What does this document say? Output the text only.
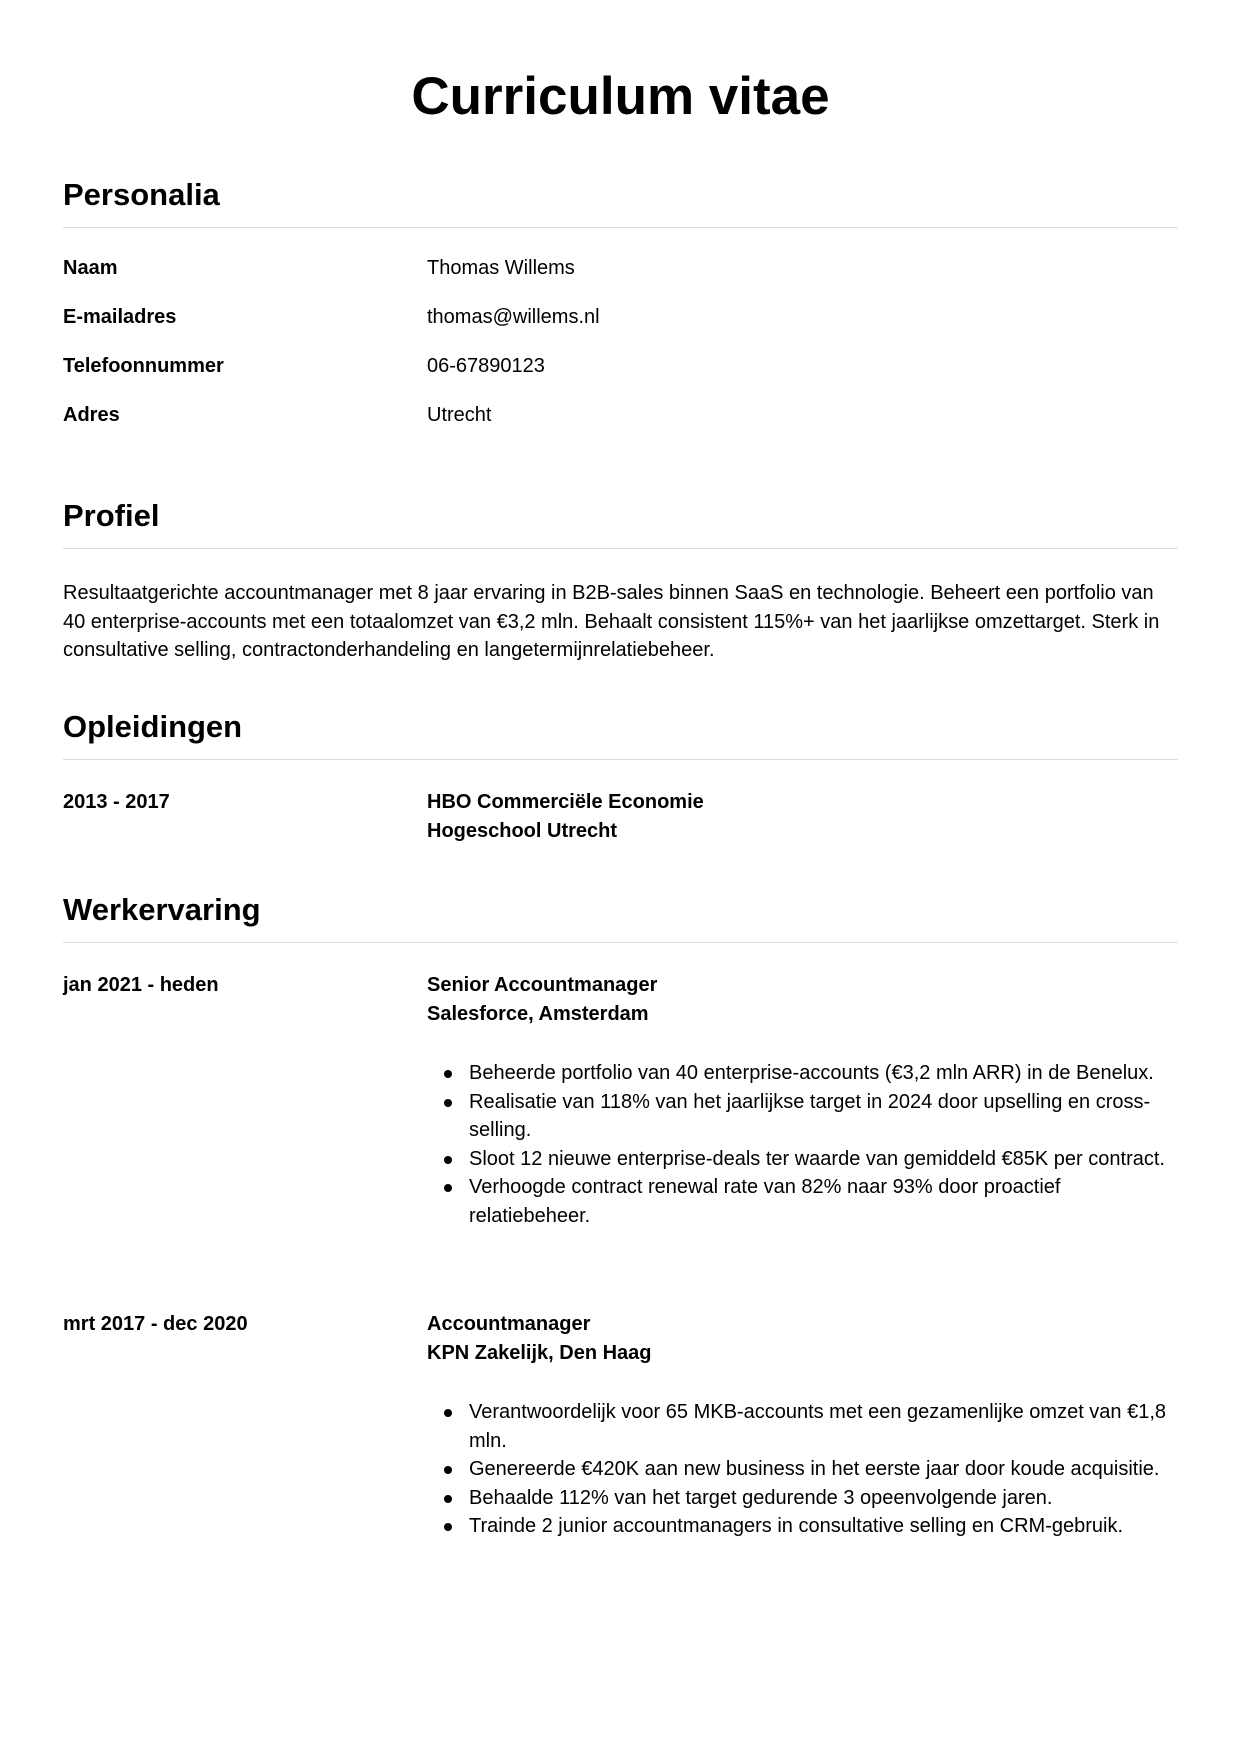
Curriculum vitae
Personalia
Naam	Thomas Willems
E-mailadres	thomas@willems.nl
Telefoonnummer	06-67890123
Adres	Utrecht
Profiel

Resultaatgerichte accountmanager met 8 jaar ervaring in B2B-sales binnen SaaS en technologie. Beheert een portfolio van 40 enterprise-accounts met een totaalomzet van €3,2 mln. Behaalt consistent 115%+ van het jaarlijkse omzettarget. Sterk in consultative selling, contractonderhandeling en langetermijnrelatiebeheer.

Opleidingen
2013 - 2017	HBO Commerciële Economie
Hogeschool Utrecht
Werkervaring
jan 2021 - heden	Senior Accountmanager
Salesforce, Amsterdam
Beheerde portfolio van 40 enterprise-accounts (€3,2 mln ARR) in de Benelux.
Realisatie van 118% van het jaarlijkse target in 2024 door upselling en cross-selling.
Sloot 12 nieuwe enterprise-deals ter waarde van gemiddeld €85K per contract.
Verhoogde contract renewal rate van 82% naar 93% door proactief relatiebeheer.
mrt 2017 - dec 2020	Accountmanager
KPN Zakelijk, Den Haag
Verantwoordelijk voor 65 MKB-accounts met een gezamenlijke omzet van €1,8 mln.
Genereerde €420K aan new business in het eerste jaar door koude acquisitie.
Behaalde 112% van het target gedurende 3 opeenvolgende jaren.
Trainde 2 junior accountmanagers in consultative selling en CRM-gebruik.
